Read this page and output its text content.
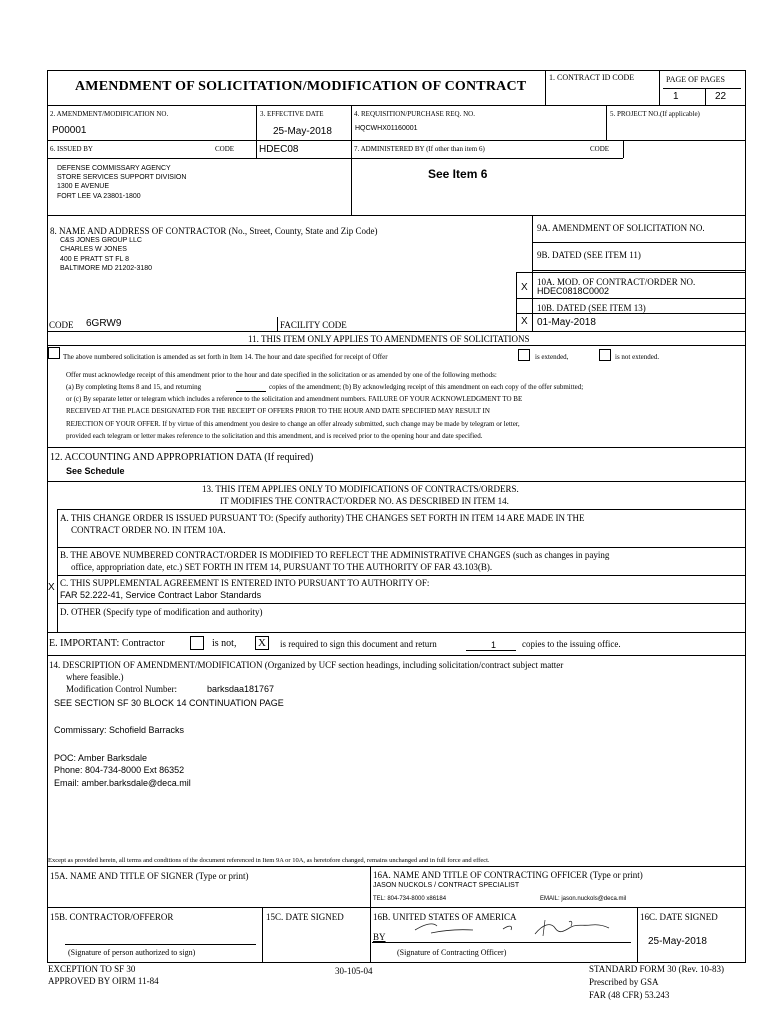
AMENDMENT OF SOLICITATION/MODIFICATION OF CONTRACT
1. CONTRACT ID CODE	PAGE OF PAGES
1	22
2. AMENDMENT/MODIFICATION NO.
P00001
3. EFFECTIVE DATE
25-May-2018
4. REQUISITION/PURCHASE REQ. NO.
HQCWHX01160001
5. PROJECT NO.(If applicable)
6. ISSUED BY	CODE HDEC08	7. ADMINISTERED BY (If other than item 6)	CODE
DEFENSE COMMISSARY AGENCY
STORE SERVICES SUPPORT DIVISION
1300 E AVENUE
FORT LEE VA 23801-1800
See Item 6
8. NAME AND ADDRESS OF CONTRACTOR (No., Street, County, State and Zip Code)
C&S JONES GROUP LLC
CHARLES W JONES
400 E PRATT ST FL 8
BALTIMORE MD 21202-3180
CODE 6GRW9	FACILITY CODE
9A. AMENDMENT OF SOLICITATION NO.
9B. DATED (SEE ITEM 11)
X 10A. MOD. OF CONTRACT/ORDER NO.
HDEC0818C0002
10B. DATED (SEE ITEM 13)
X 01-May-2018
11. THIS ITEM ONLY APPLIES TO AMENDMENTS OF SOLICITATIONS
The above numbered solicitation is amended as set forth in Item 14. The hour and date specified for receipt of Offer	is extended,	is not extended.
Offer must acknowledge receipt of this amendment prior to the hour and date specified in the solicitation or as amended by one of the following methods:
(a) By completing Items 8 and 15, and returning	copies of the amendment; (b) By acknowledging receipt of this amendment on each copy of the offer submitted;
or (c) By separate letter or telegram which includes a reference to the solicitation and amendment numbers. FAILURE OF YOUR ACKNOWLEDGMENT TO BE
RECEIVED AT THE PLACE DESIGNATED FOR THE RECEIPT OF OFFERS PRIOR TO THE HOUR AND DATE SPECIFIED MAY RESULT IN
REJECTION OF YOUR OFFER. If by virtue of this amendment you desire to change an offer already submitted, such change may be made by telegram or letter,
provided each telegram or letter makes reference to the solicitation and this amendment, and is received prior to the opening hour and date specified.
12. ACCOUNTING AND APPROPRIATION DATA (If required)
See Schedule
13. THIS ITEM APPLIES ONLY TO MODIFICATIONS OF CONTRACTS/ORDERS.
IT MODIFIES THE CONTRACT/ORDER NO. AS DESCRIBED IN ITEM 14.
A. THIS CHANGE ORDER IS ISSUED PURSUANT TO: (Specify authority) THE CHANGES SET FORTH IN ITEM 14 ARE MADE IN THE
CONTRACT ORDER NO. IN ITEM 10A.
B. THE ABOVE NUMBERED CONTRACT/ORDER IS MODIFIED TO REFLECT THE ADMINISTRATIVE CHANGES (such as changes in paying
office, appropriation date, etc.) SET FORTH IN ITEM 14, PURSUANT TO THE AUTHORITY OF FAR 43.103(B).
X C. THIS SUPPLEMENTAL AGREEMENT IS ENTERED INTO PURSUANT TO AUTHORITY OF:
FAR 52.222-41, Service Contract Labor Standards
D. OTHER (Specify type of modification and authority)
E. IMPORTANT: Contractor	is not, X	is required to sign this document and return	1	copies to the issuing office.
14. DESCRIPTION OF AMENDMENT/MODIFICATION (Organized by UCF section headings, including solicitation/contract subject matter
where feasible.)
Modification Control Number:	barksdaa181767
SEE SECTION SF 30 BLOCK 14 CONTINUATION PAGE
Commissary: Schofield Barracks
POC: Amber Barksdale
Phone: 804-734-8000 Ext 86352
Email: amber.barksdale@deca.mil
Except as provided herein, all terms and conditions of the document referenced in Item 9A or 10A, as heretofore changed, remains unchanged and in full force and effect.
15A. NAME AND TITLE OF SIGNER (Type or print)	16A. NAME AND TITLE OF CONTRACTING OFFICER (Type or print)
JASON NUCKOLS / CONTRACT SPECIALIST
TEL: 804-734-8000 x86184	EMAIL: jason.nuckols@deca.mil
15B. CONTRACTOR/OFFEROR	15C. DATE SIGNED	16B. UNITED STATES OF AMERICA	16C. DATE SIGNED
BY	25-May-2018
(Signature of person authorized to sign)	(Signature of Contracting Officer)
EXCEPTION TO SF 30
APPROVED BY OIRM 11-84
30-105-04	STANDARD FORM 30 (Rev. 10-83)
Prescribed by GSA
FAR (48 CFR) 53.243
